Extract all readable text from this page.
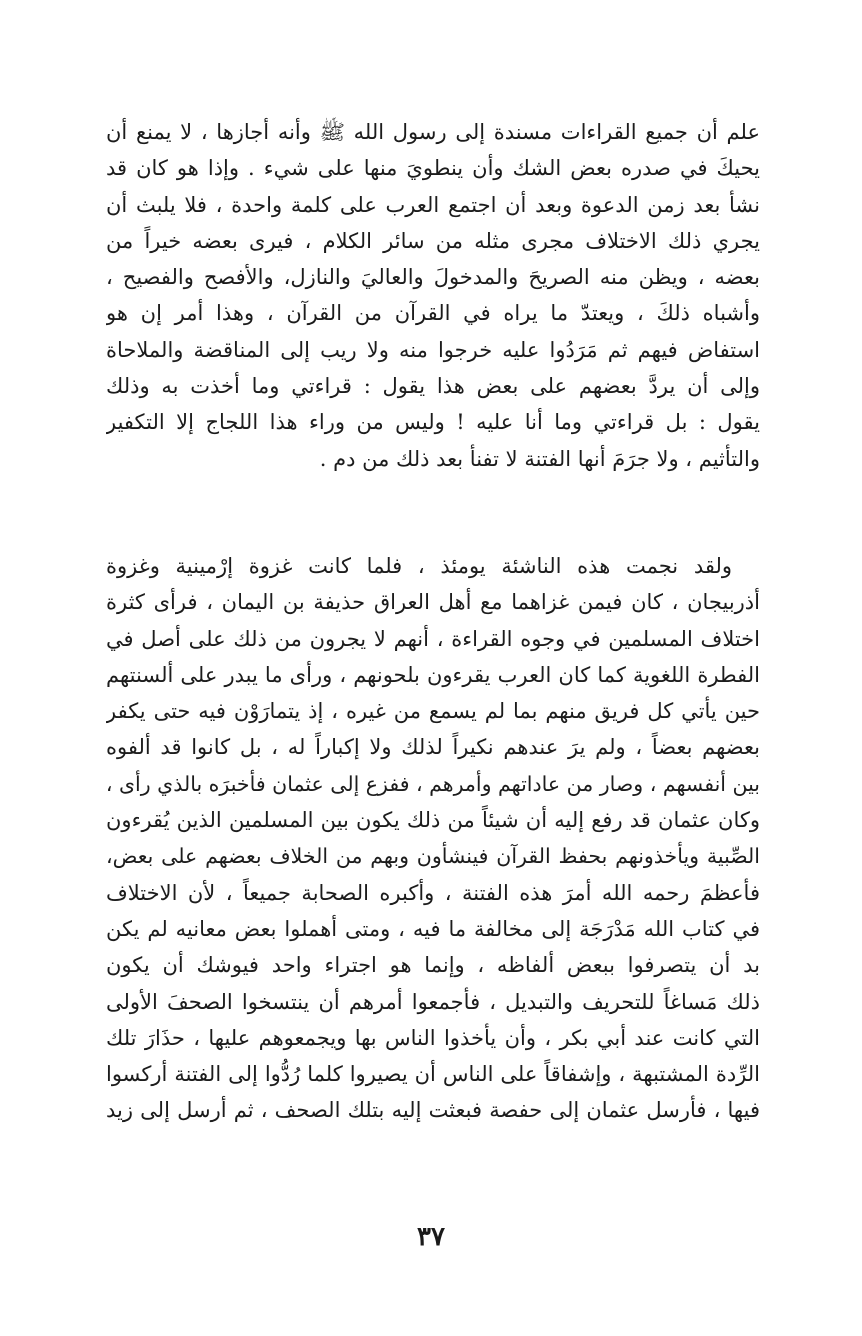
علم أن جميع القراءات مسندة إلى رسول الله ﷺ وأنه أجازها ، لا يمنع أن
يحيكَ في صدره بعض الشك وأن ينطويَ منها على شيء . وإذا هو كان قد
نشأ بعد زمن الدعوة وبعد أن اجتمع العرب على كلمة واحدة ، فلا يلبث أن
يجري ذلك الاختلاف مجرى مثله من سائر الكلام ، فيرى بعضه خيراً من
بعضه ، ويظن منه الصريحَ والمدخولَ والعاليَ والنازل، والأفصح والفصيح ،
وأشباه ذلكَ ، ويعتدّ ما يراه في القرآن من القرآن ، وهذا أمر إن هو
استفاض فيهم ثم مَرَدُوا عليه خرجوا منه ولا ريب إلى المناقضة والملاحاة
وإلى أن يردَّ بعضهم على بعض هذا يقول : قراءتي وما أخذت به وذلك
يقول : بل قراءتي وما أنا عليه ! وليس من وراء هذا اللجاج إلا التكفير
والتأثيم ، ولا جرَمَ أنها الفتنة لا تفنأ بعد ذلك من دم .
ولقد نجمت هذه الناشئة يومئذ ، فلما كانت غزوة إرْمينية وغزوة
أذربيجان ، كان فيمن غزاهما مع أهل العراق حذيفة بن اليمان ، فرأى كثرة
اختلاف المسلمين في وجوه القراءة ، أنهم لا يجرون من ذلك على أصل في
الفطرة اللغوية كما كان العرب يقرءون بلحونهم ، ورأى ما يبدر على ألسنتهم
حين يأتي كل فريق منهم بما لم يسمع من غيره ، إذ يتمارَوْن فيه حتى يكفر
بعضهم بعضاً ، ولم يرَ عندهم نكيراً لذلك ولا إكباراً له ، بل كانوا قد ألفوه
بين أنفسهم ، وصار من عاداتهم وأمرهم ، ففزع إلى عثمان فأخبرَه بالذي رأى ،
وكان عثمان قد رفع إليه أن شيئاً من ذلك يكون بين المسلمين الذين يُقرءون
الصِّبية ويأخذونهم بحفظ القرآن فينشأون وبهم من الخلاف بعضهم على بعض،
فأعظمَ رحمه الله أمرَ هذه الفتنة ، وأكبره الصحابة جميعاً ، لأن الاختلاف
في كتاب الله مَدْرَجَة إلى مخالفة ما فيه ، ومتى أهملوا بعض معانيه لم يكن
بد أن يتصرفوا ببعض ألفاظه ، وإنما هو اجتراء واحد فيوشك أن يكون
ذلك مَساغاً للتحريف والتبديل ، فأجمعوا أمرهم أن ينتسخوا الصحفَ الأولى
التي كانت عند أبي بكر ، وأن يأخذوا الناس بها ويجمعوهم عليها ، حذَارَ تلك
الرِّدة المشتبهة ، وإشفاقاً على الناس أن يصيروا كلما رُدُّوا إلى الفتنة أركسوا
فيها ، فأرسل عثمان إلى حفصة فبعثت إليه بتلك الصحف ، ثم أرسل إلى زيد
٣٧
